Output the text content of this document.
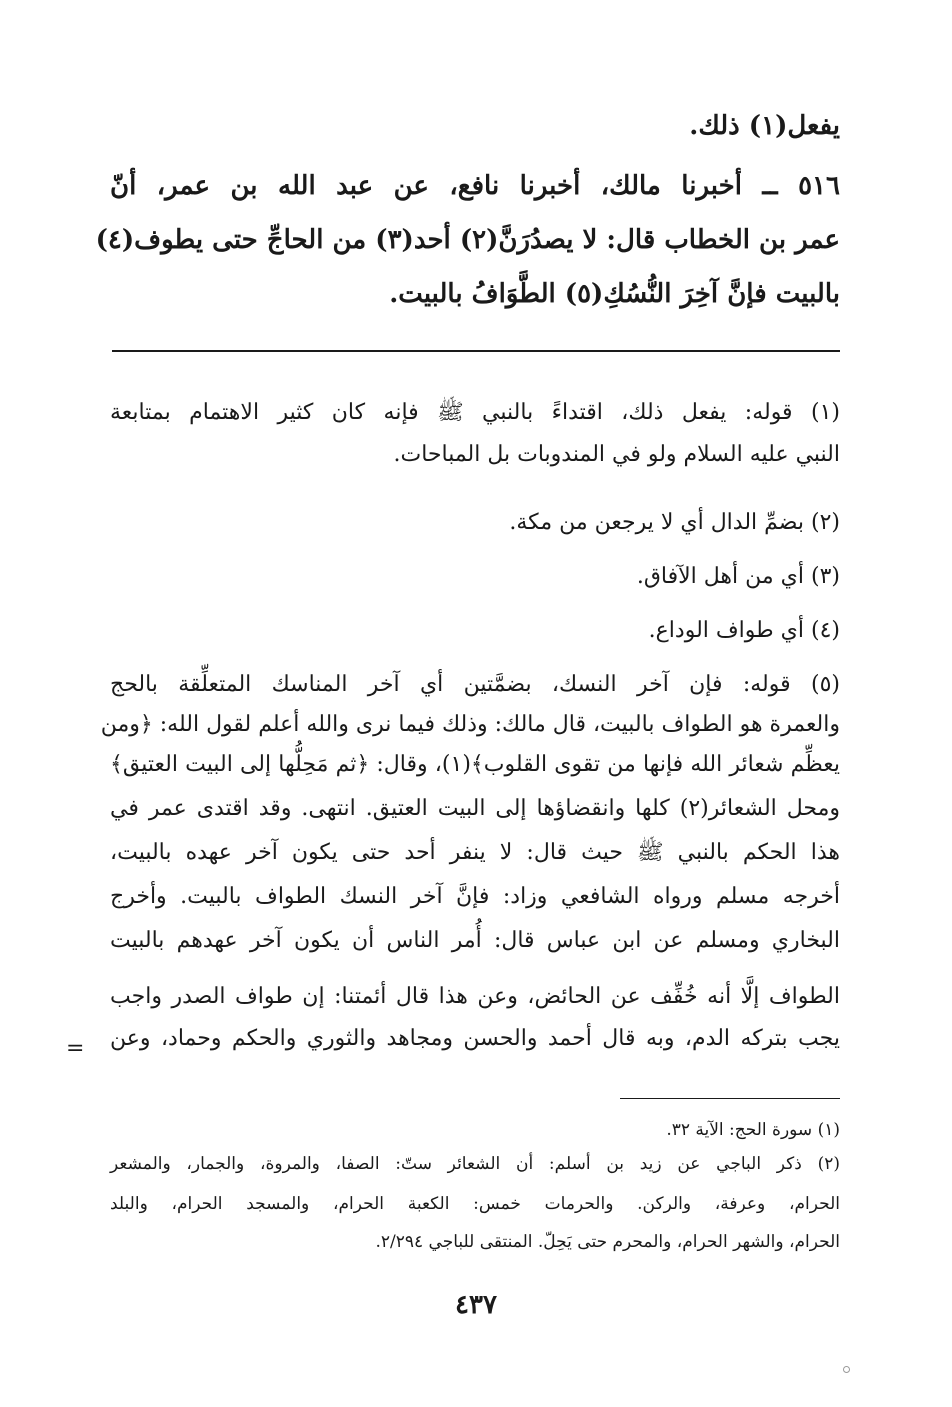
يفعل(١) ذلك.
٥١٦ ــ أخبرنا مالك، أخبرنا نافع، عن عبد الله بن عمر، أنّ
عمر بن الخطاب قال: لا يصدُرَنَّ(٢) أحد(٣) من الحاجِّ حتى يطوف(٤)
بالبيت فإنَّ آخِرَ النُّسُكِ(٥) الطَّوَافُ بالبيت.
(١) قوله: يفعل ذلك، اقتداءً بالنبي ﷺ فإنه كان كثير الاهتمام بمتابعة
النبي عليه السلام ولو في المندوبات بل المباحات.
(٢) بضمِّ الدال أي لا يرجعن من مكة.
(٣) أي من أهل الآفاق.
(٤) أي طواف الوداع.
(٥) قوله: فإن آخر النسك، بضمَّتين أي آخر المناسك المتعلِّقة بالحج
والعمرة هو الطواف بالبيت، قال مالك: وذلك فيما نرى والله أعلم لقول الله: ﴿ومن
يعظِّم شعائر الله فإنها من تقوى القلوب﴾(١)، وقال: ﴿ثم مَحِلُّها إلى البيت العتيق﴾
ومحل الشعائر(٢) كلها وانقضاؤها إلى البيت العتيق. انتهى. وقد اقتدى عمر في
هذا الحكم بالنبي ﷺ حيث قال: لا ينفر أحد حتى يكون آخر عهده بالبيت،
أخرجه مسلم ورواه الشافعي وزاد: فإنَّ آخر النسك الطواف بالبيت. وأخرج
البخاري ومسلم عن ابن عباس قال: أُمر الناس أن يكون آخر عهدهم بالبيت
الطواف إلَّا أنه خُفِّف عن الحائض، وعن هذا قال أئمتنا: إن طواف الصدر واجب
يجب بتركه الدم، وبه قال أحمد والحسن ومجاهد والثوري والحكم وحماد، وعن
=
(١) سورة الحج: الآية ٣٢.
(٢) ذكر الباجي عن زيد بن أسلم: أن الشعائر ستّ: الصفا، والمروة، والجمار، والمشعر
الحرام، وعرفة، والركن. والحرمات خمس: الكعبة الحرام، والمسجد الحرام، والبلد
الحرام، والشهر الحرام، والمحرم حتى يَحِلّ. المنتقى للباجي ٢/٢٩٤.
٤٣٧
